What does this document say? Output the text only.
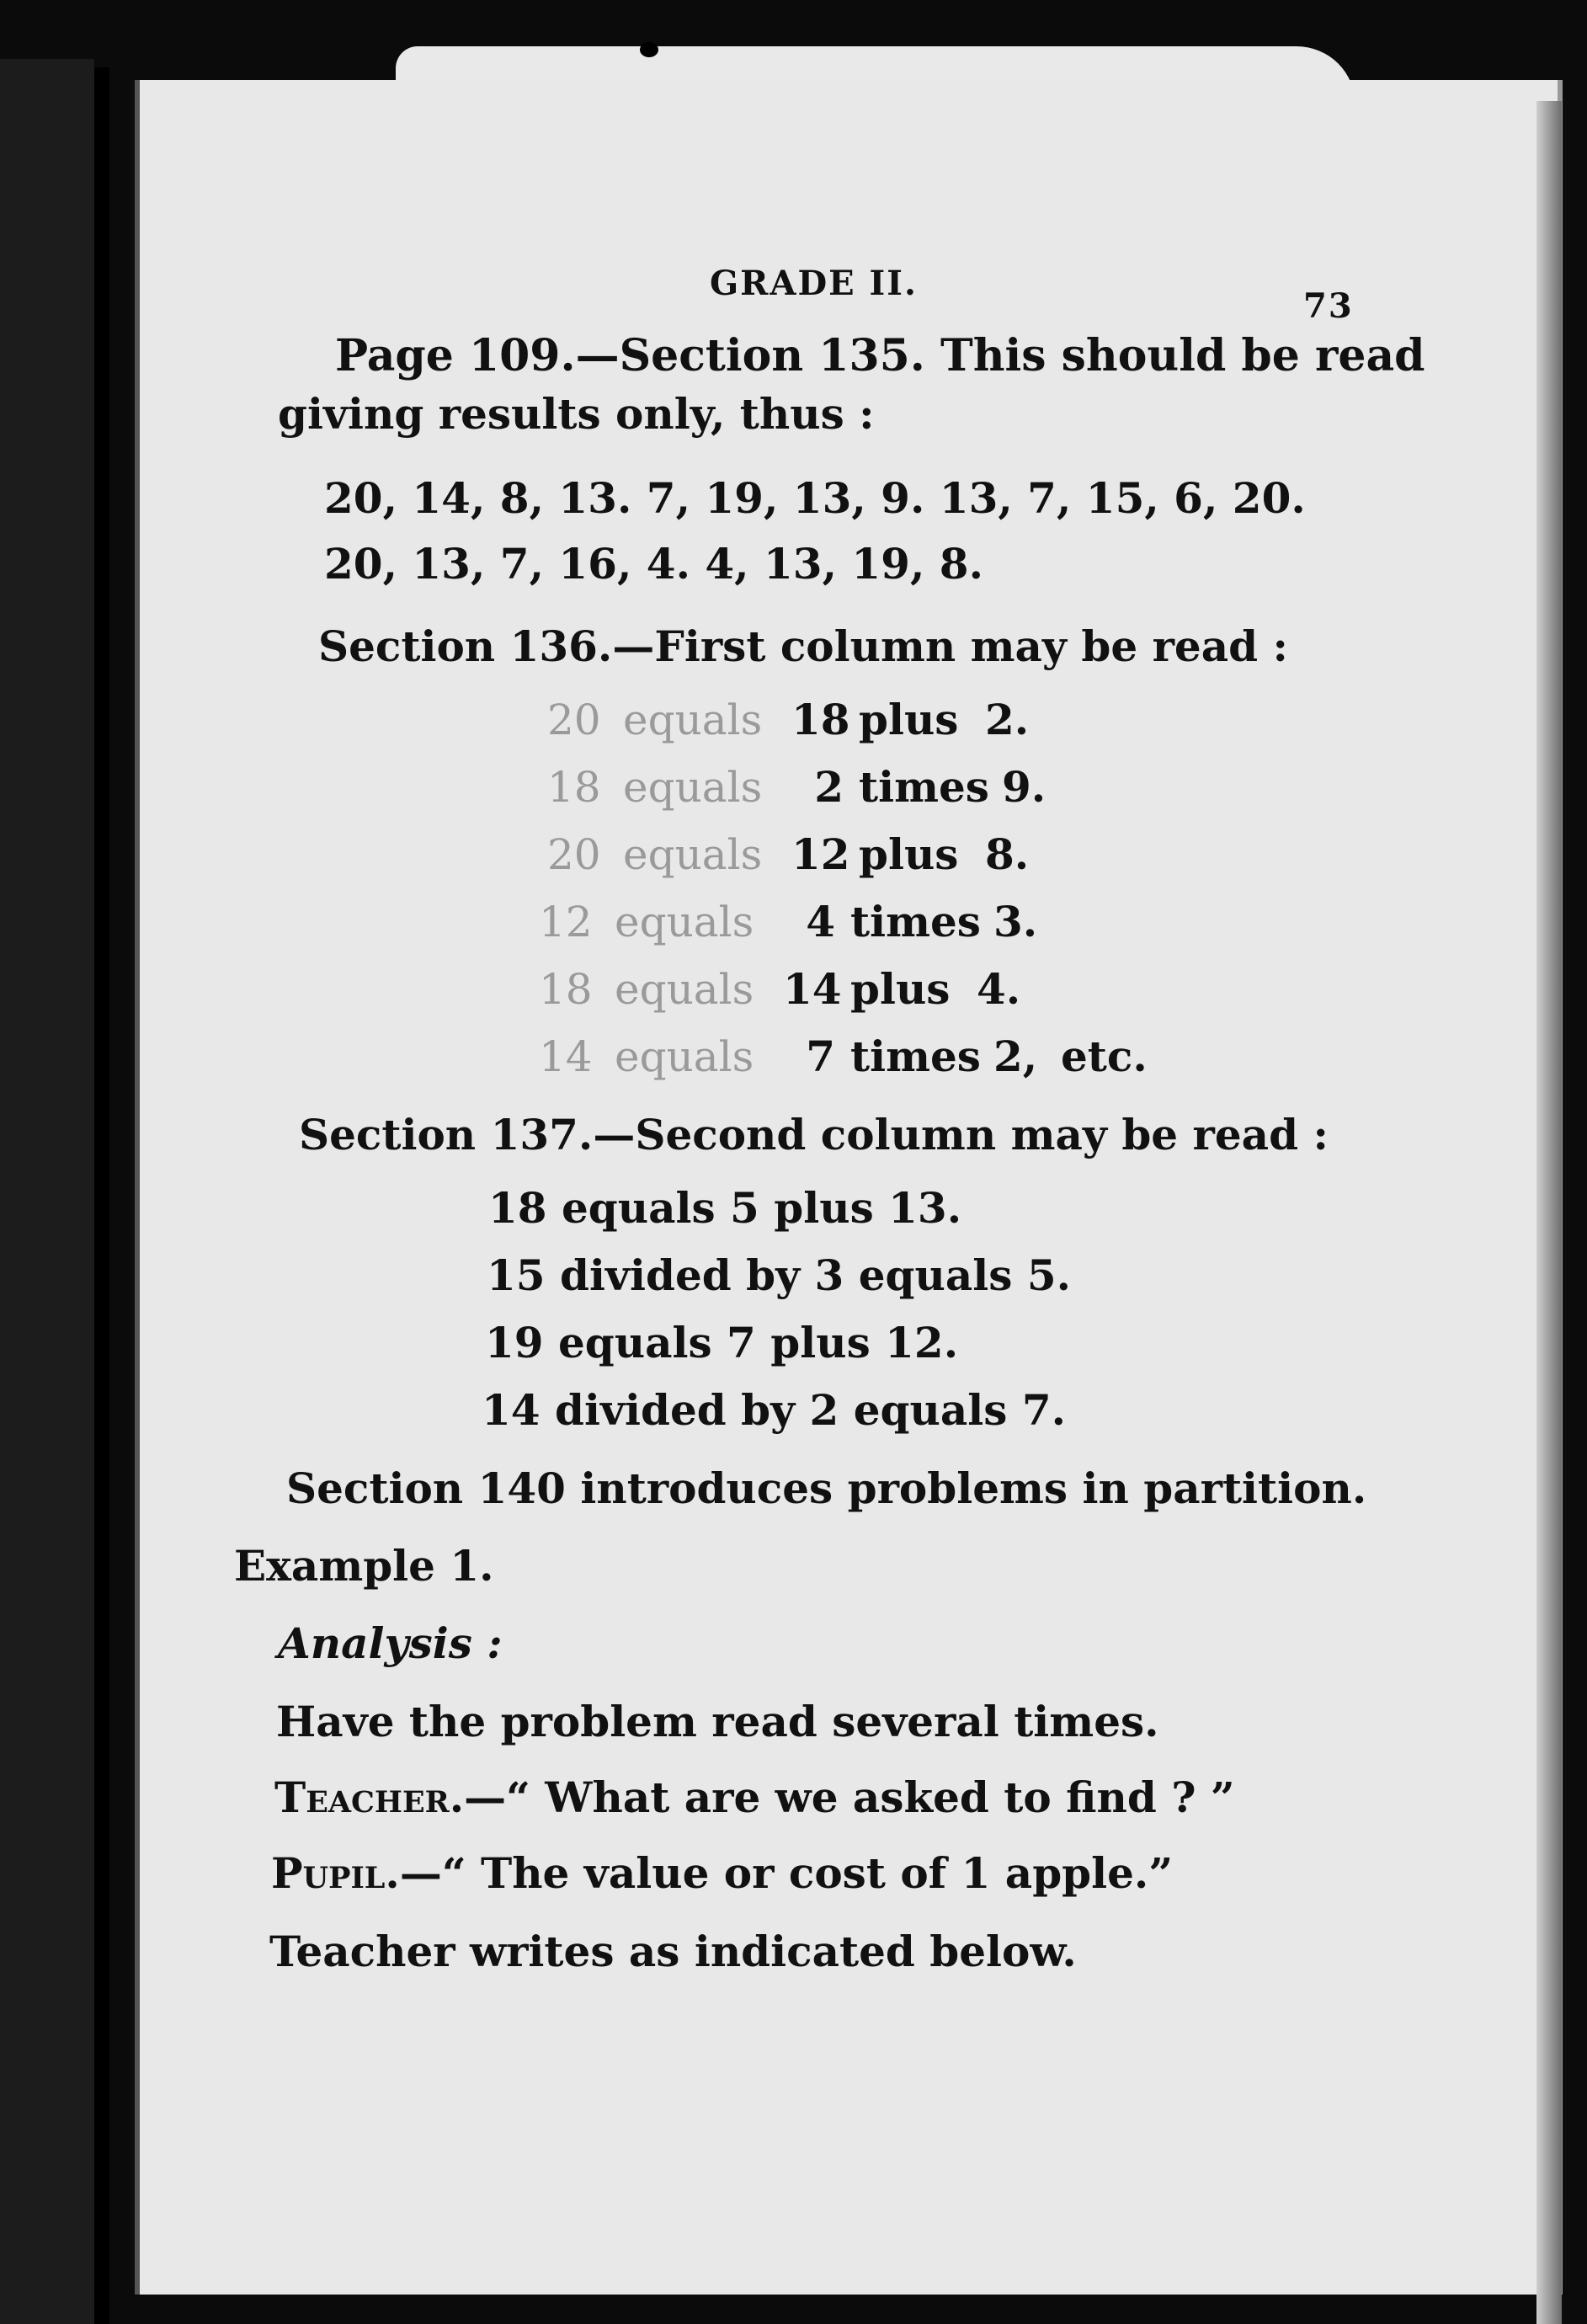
GRADE II.
73
Page 109.—Section 135. This should be read
giving results only, thus :
20, 14, 8, 13. 7, 19, 13, 9. 13, 7, 15, 6, 20.
20, 13, 7, 16, 4. 4, 13, 19, 8.
Section 136.—First column may be read :
20 equals 18 plus 2.
18 equals 2 times 9.
20 equals 12 plus 8.
12 equals 4 times 3.
18 equals 14 plus 4.
14 equals 7 times 2, etc.
Section 137.—Second column may be read :
18 equals 5 plus 13.
15 divided by 3 equals 5.
19 equals 7 plus 12.
14 divided by 2 equals 7.
Section 140 introduces problems in partition.
Example 1.
Analysis :
Have the problem read several times.
Teacher.—“ What are we asked to find ? ”
Pupil.—“ The value or cost of 1 apple.”
Teacher writes as indicated below.
